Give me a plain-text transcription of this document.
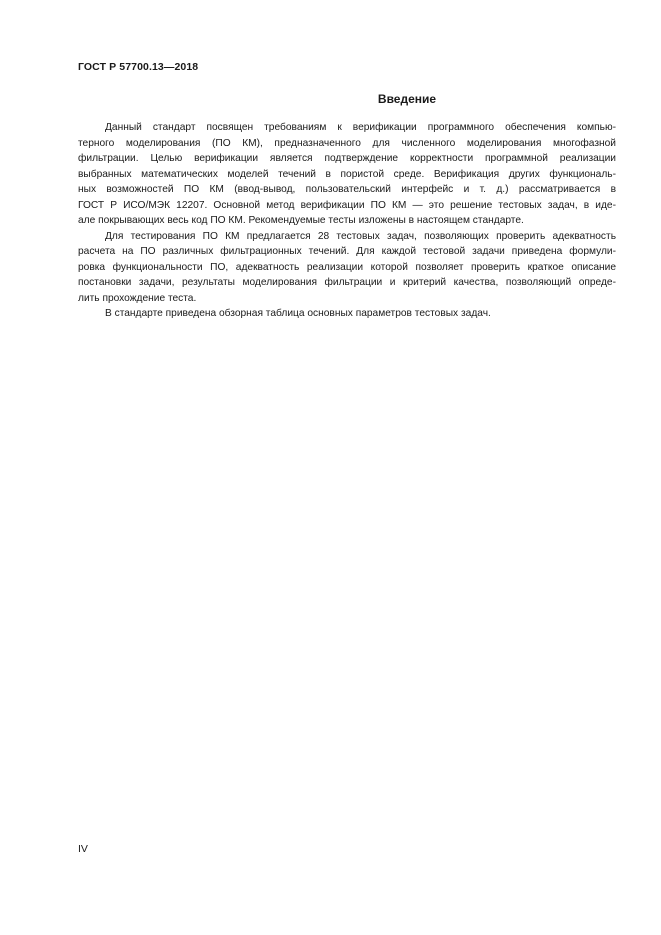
ГОСТ Р 57700.13—2018
Введение
Данный стандарт посвящен требованиям к верификации программного обеспечения компью-
терного моделирования (ПО КМ), предназначенного для численного моделирования многофазной
фильтрации. Целью верификации является подтверждение корректности программной реализации
выбранных математических моделей течений в пористой среде. Верификация других функциональ-
ных возможностей ПО КМ (ввод-вывод, пользовательский интерфейс и т. д.) рассматривается в
ГОСТ Р ИСО/МЭК 12207. Основной метод верификации ПО КМ — это решение тестовых задач, в иде-
але покрывающих весь код ПО КМ. Рекомендуемые тесты изложены в настоящем стандарте.
Для тестирования ПО КМ предлагается 28 тестовых задач, позволяющих проверить адекватность
расчета на ПО различных фильтрационных течений. Для каждой тестовой задачи приведена формули-
ровка функциональности ПО, адекватность реализации которой позволяет проверить краткое описание
постановки задачи, результаты моделирования фильтрации и критерий качества, позволяющий опреде-
лить прохождение теста.
В стандарте приведена обзорная таблица основных параметров тестовых задач.
IV
